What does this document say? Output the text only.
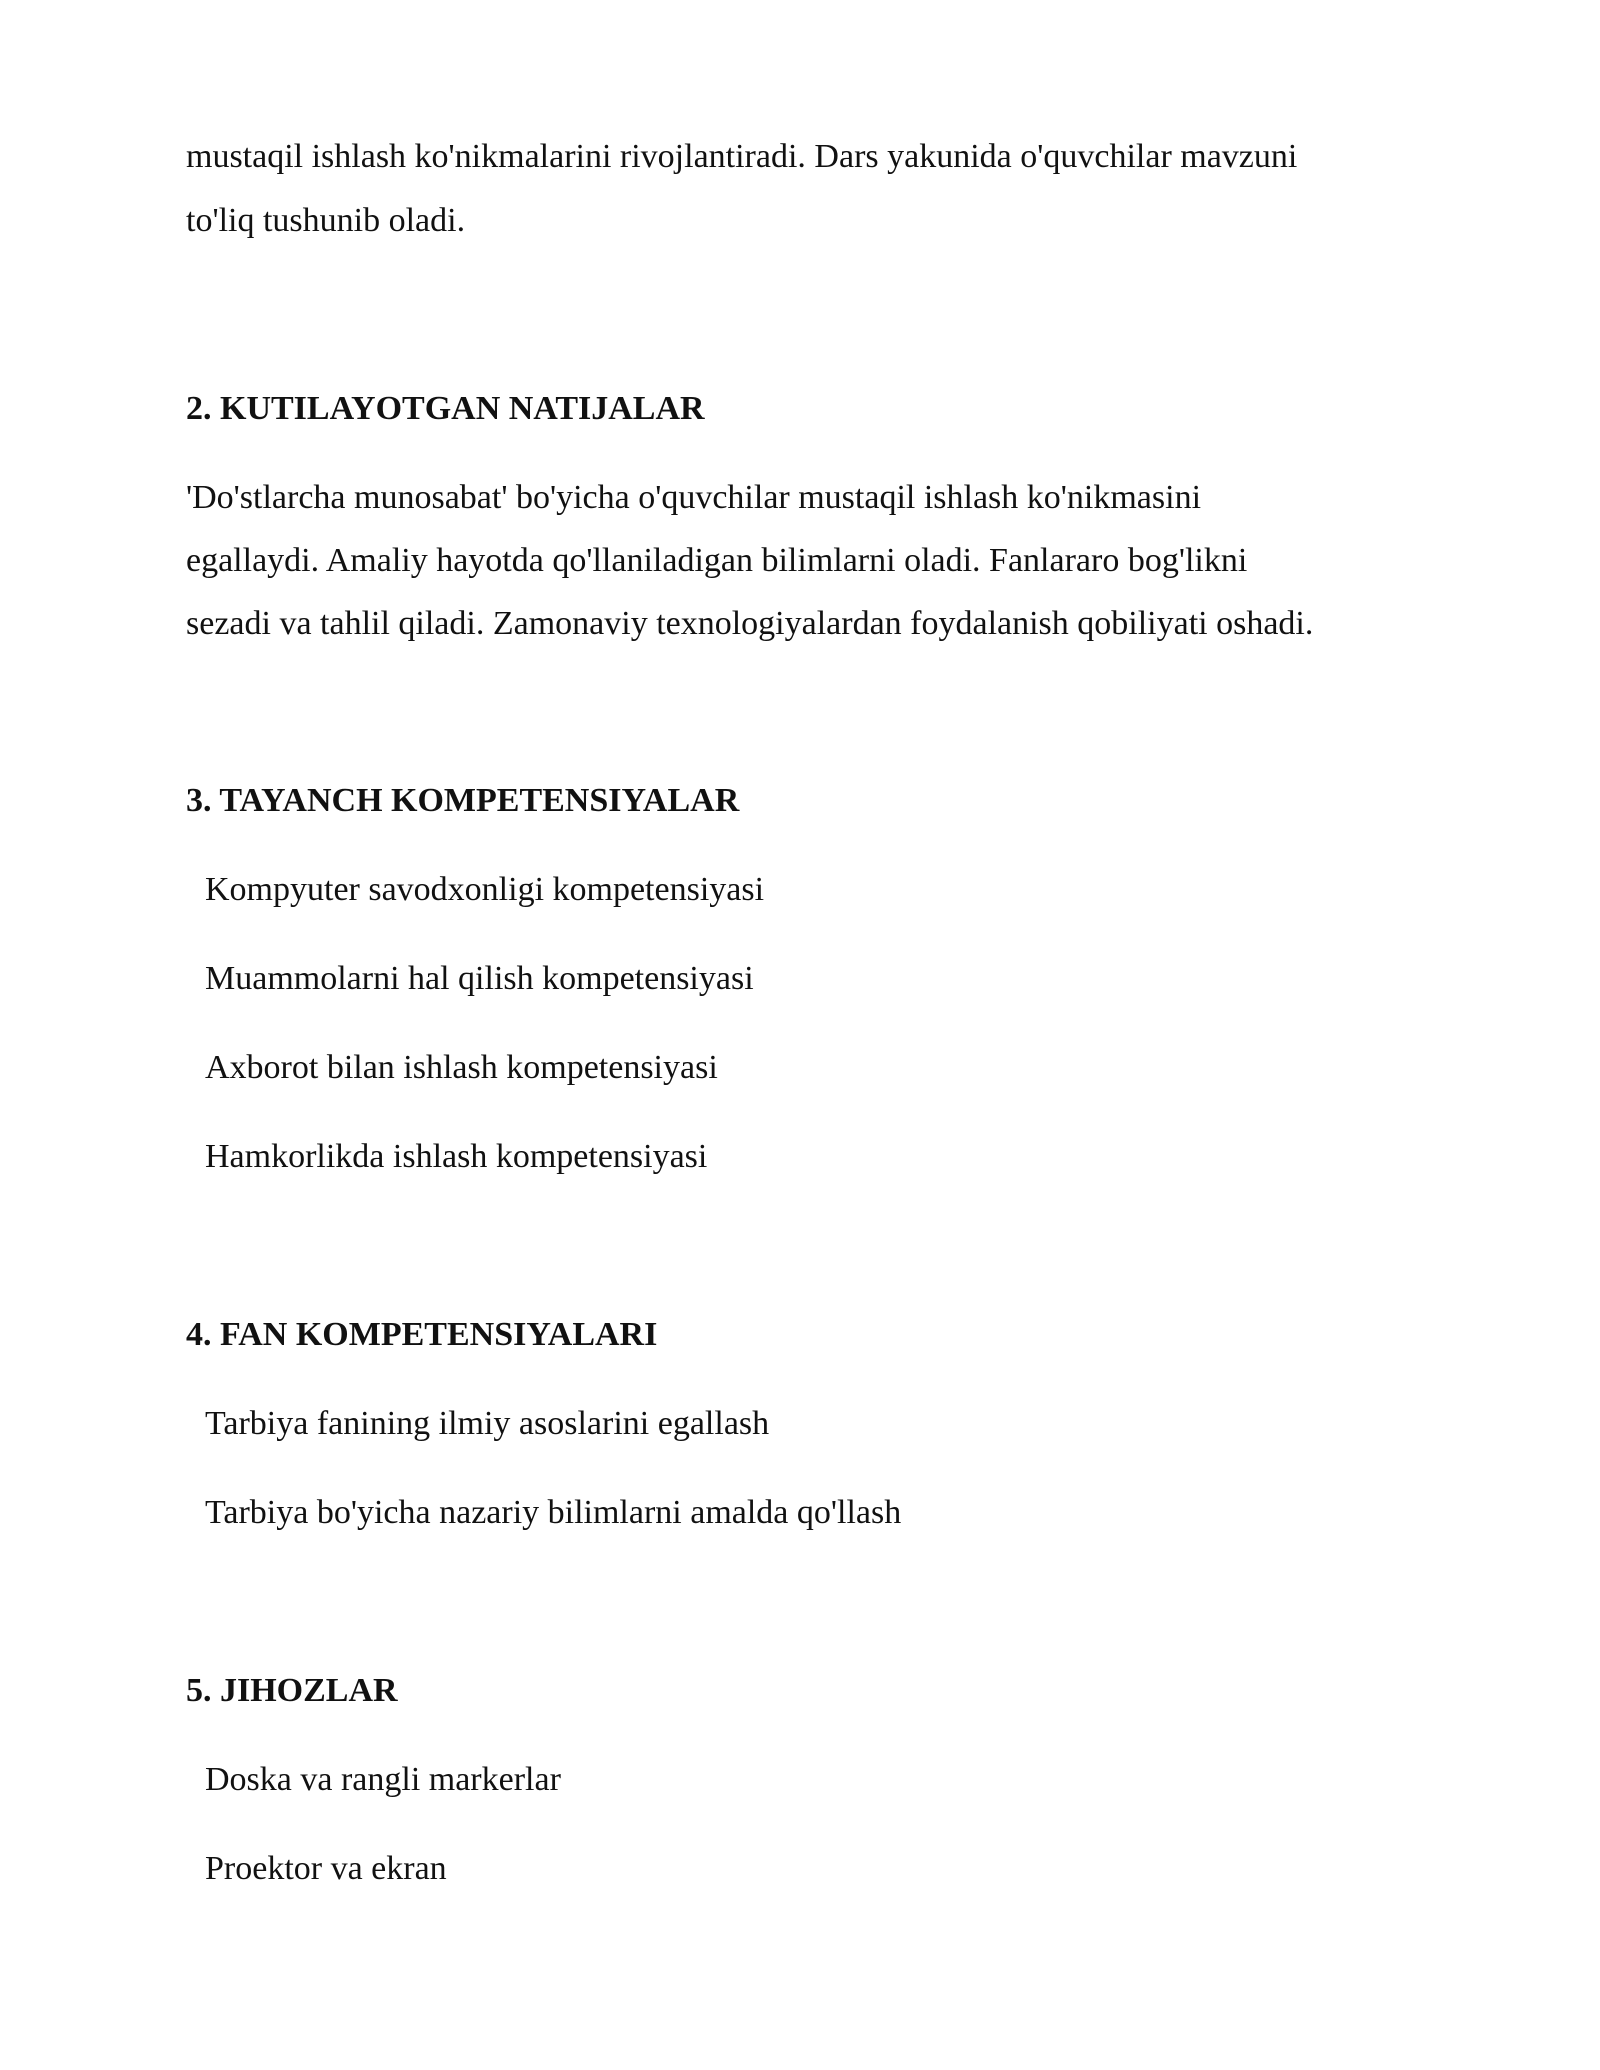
mustaqil ishlash ko'nikmalarini rivojlantiradi. Dars yakunida o'quvchilar mavzuni

to'liq tushunib oladi.

2. KUTILAYOTGAN NATIJALAR

'Do'stlarcha munosabat' bo'yicha o'quvchilar mustaqil ishlash ko'nikmasini

egallaydi. Amaliy hayotda qo'llaniladigan bilimlarni oladi. Fanlararo bog'likni

sezadi va tahlil qiladi. Zamonaviy texnologiyalardan foydalanish qobiliyati oshadi.

3. TAYANCH KOMPETENSIYALAR

Kompyuter savodxonligi kompetensiyasi

Muammolarni hal qilish kompetensiyasi

Axborot bilan ishlash kompetensiyasi

Hamkorlikda ishlash kompetensiyasi

4. FAN KOMPETENSIYALARI

Tarbiya fanining ilmiy asoslarini egallash

Tarbiya bo'yicha nazariy bilimlarni amalda qo'llash

5. JIHOZLAR

Doska va rangli markerlar

Proektor va ekran
